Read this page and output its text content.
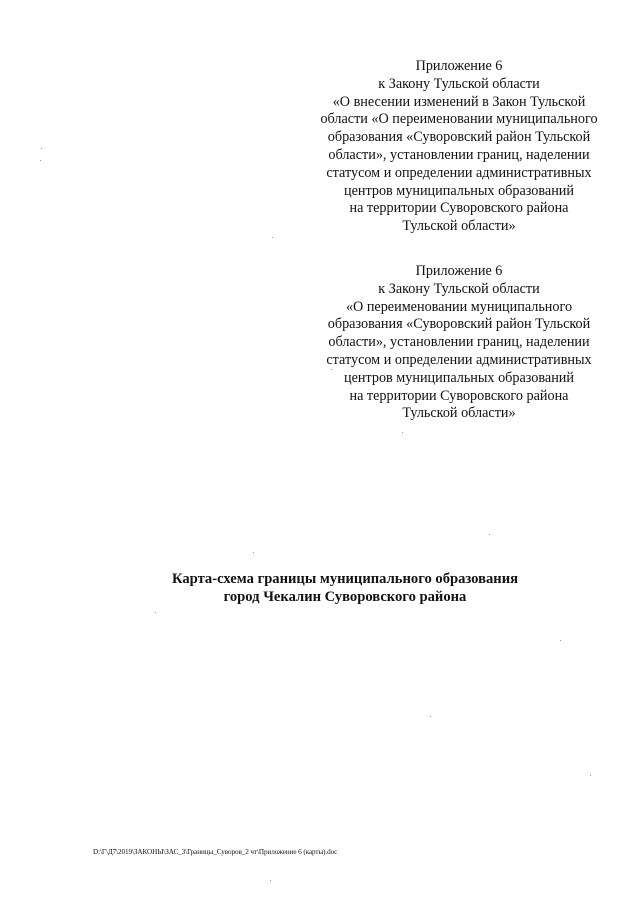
Приложение 6
к Закону Тульской области
«О внесении изменений в Закон Тульской
области «О переименовании муниципального
образования «Суворовский район Тульской
области», установлении границ, наделении
статусом и определении административных
центров муниципальных образований
на территории Суворовского района
Тульской области»
Приложение 6
к Закону Тульской области
«О переименовании муниципального
образования «Суворовский район Тульской
области», установлении границ, наделении
статусом и определении административных
центров муниципальных образований
на территории Суворовского района
Тульской области»
Карта-схема границы муниципального образования
город Чекалин Суворовского района
D:\Г\Д7\2019\ЗАКОНЫ\ЗАС_3\Границы_Суворов_2 чт\Приложение 6 (карты).doc
